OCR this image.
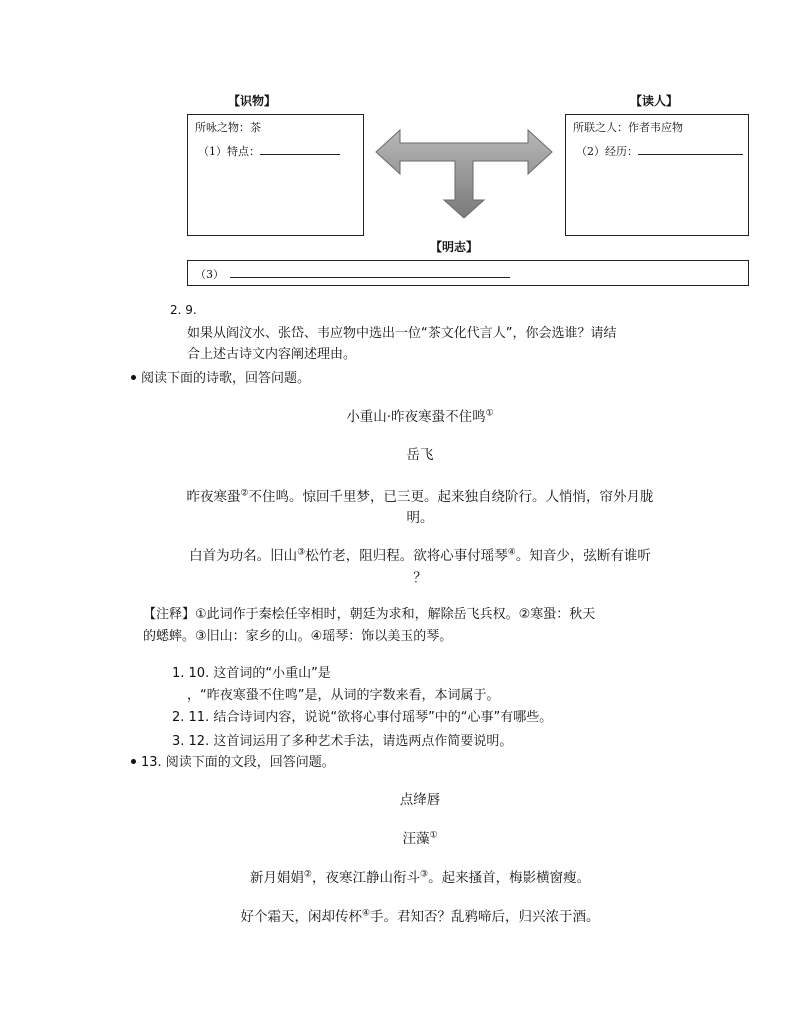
【识物】	【读人】
所咏之物：茶
（1）特点：
所联之人：作者韦应物
（2）经历：
【明志】
（3）
2. 9.
如果从阎汶水、张岱、韦应物中选出一位“茶文化代言人”，你会选谁？请结
合上述古诗文内容阐述理由。
阅读下面的诗歌，回答问题。
小重山·昨夜寒蛩不住鸣①
岳飞
昨夜寒蛩②不住鸣。惊回千里梦，已三更。起来独自绕阶行。人悄悄，帘外月胧
明。
白首为功名。旧山③松竹老，阻归程。欲将心事付瑶琴④。知音少，弦断有谁听
？
【注释】①此词作于秦桧任宰相时，朝廷为求和，解除岳飞兵权。②寒蛩：秋天
的蟋蟀。③旧山：家乡的山。④瑶琴：饰以美玉的琴。
1. 10. 这首词的“小重山”是
，“昨夜寒蛩不住鸣”是，从词的字数来看，本词属于。
2. 11. 结合诗词内容，说说“欲将心事付瑶琴”中的“心事”有哪些。
3. 12. 这首词运用了多种艺术手法，请选两点作简要说明。
13. 阅读下面的文段，回答问题。
点绛唇
汪藻①
新月娟娟②，夜寒江静山衔斗③。起来搔首，梅影横窗瘦。
好个霜天，闲却传杯④手。君知否？乱鸦啼后，归兴浓于酒。
